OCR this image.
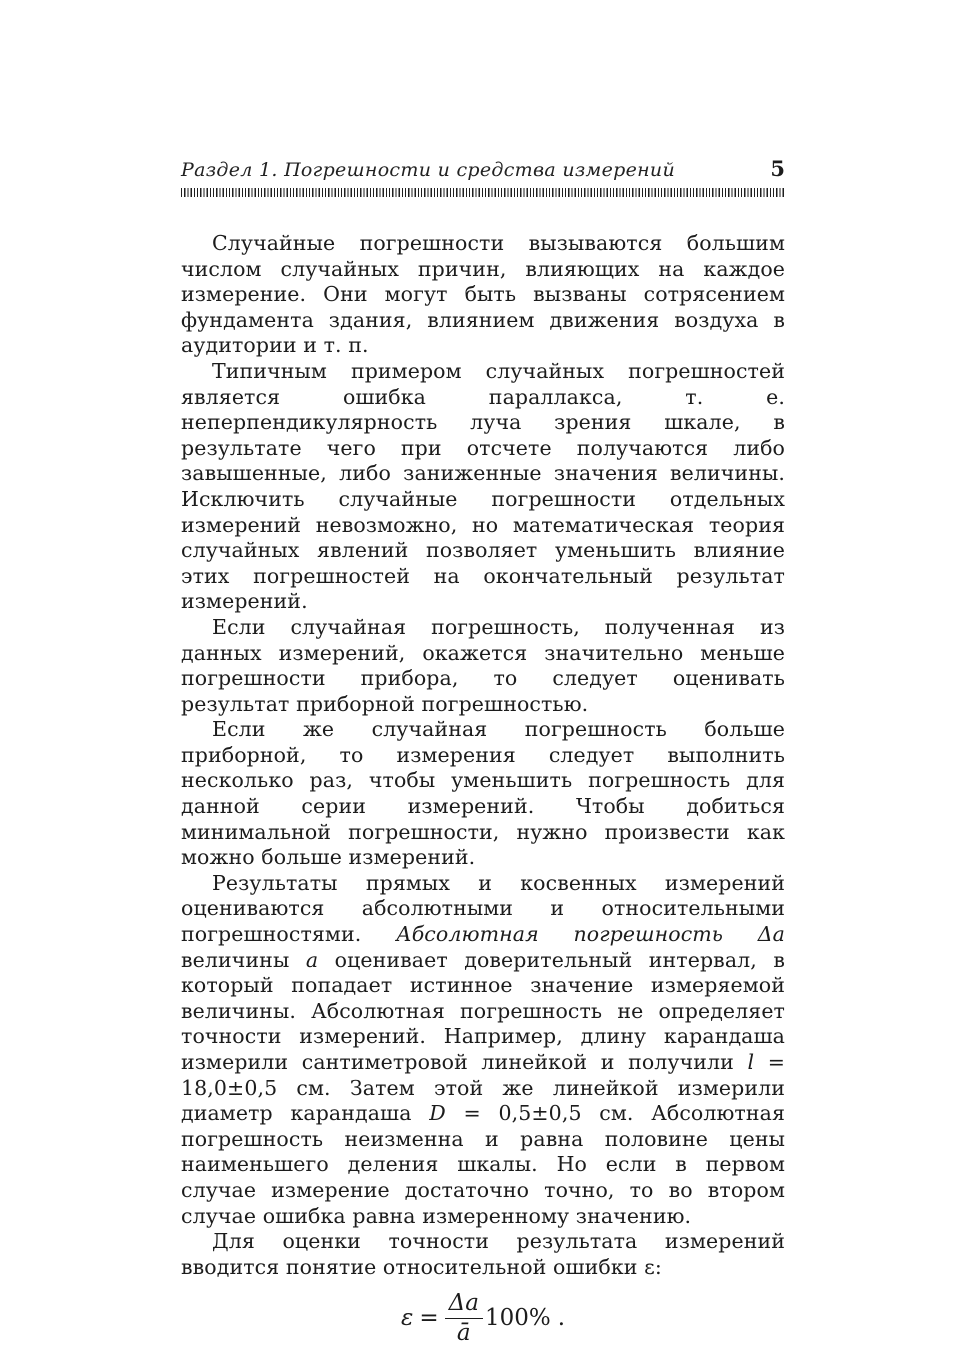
Раздел 1. Погрешности и средства измерений	5

Случайные погрешности вызываются большим числом случайных причин, влияющих на каждое измерение. Они могут быть вызваны сотрясением фундамента здания, влиянием движения воздуха в аудитории и т. п.

Типичным примером случайных погрешностей является ошибка параллакса, т. е. неперпендикулярность луча зрения шкале, в результате чего при отсчете получаются либо завышенные, либо заниженные значения величины. Исключить случайные погрешности отдельных измерений невозможно, но математическая теория случайных явлений позволяет уменьшить влияние этих погрешностей на окончательный результат измерений.

Если случайная погрешность, полученная из данных измерений, окажется значительно меньше погрешности прибора, то следует оценивать результат приборной погрешностью.

Если же случайная погрешность больше приборной, то измерения следует выполнить несколько раз, чтобы уменьшить погрешность для данной серии измерений. Чтобы добиться минимальной погрешности, нужно произвести как можно больше измерений.

Результаты прямых и косвенных измерений оцениваются абсолютными и относительными погрешностями. Абсолютная погрешность Δa величины a оценивает доверительный интервал, в который попадает истинное значение измеряемой величины. Абсолютная погрешность не определяет точности измерений. Например, длину карандаша измерили сантиметровой линейкой и получили l = 18,0±0,5 см. Затем этой же линейкой измерили диаметр карандаша D = 0,5±0,5 см. Абсолютная погрешность неизменна и равна половине цены наименьшего деления шкалы. Но если в первом случае измерение достаточно точно, то во втором случае ошибка равна измеренному значению.

Для оценки точности результата измерений вводится понятие относительной ошибки ε:

$\varepsilon = \frac{\Delta a}{ā} 100\%$ .
